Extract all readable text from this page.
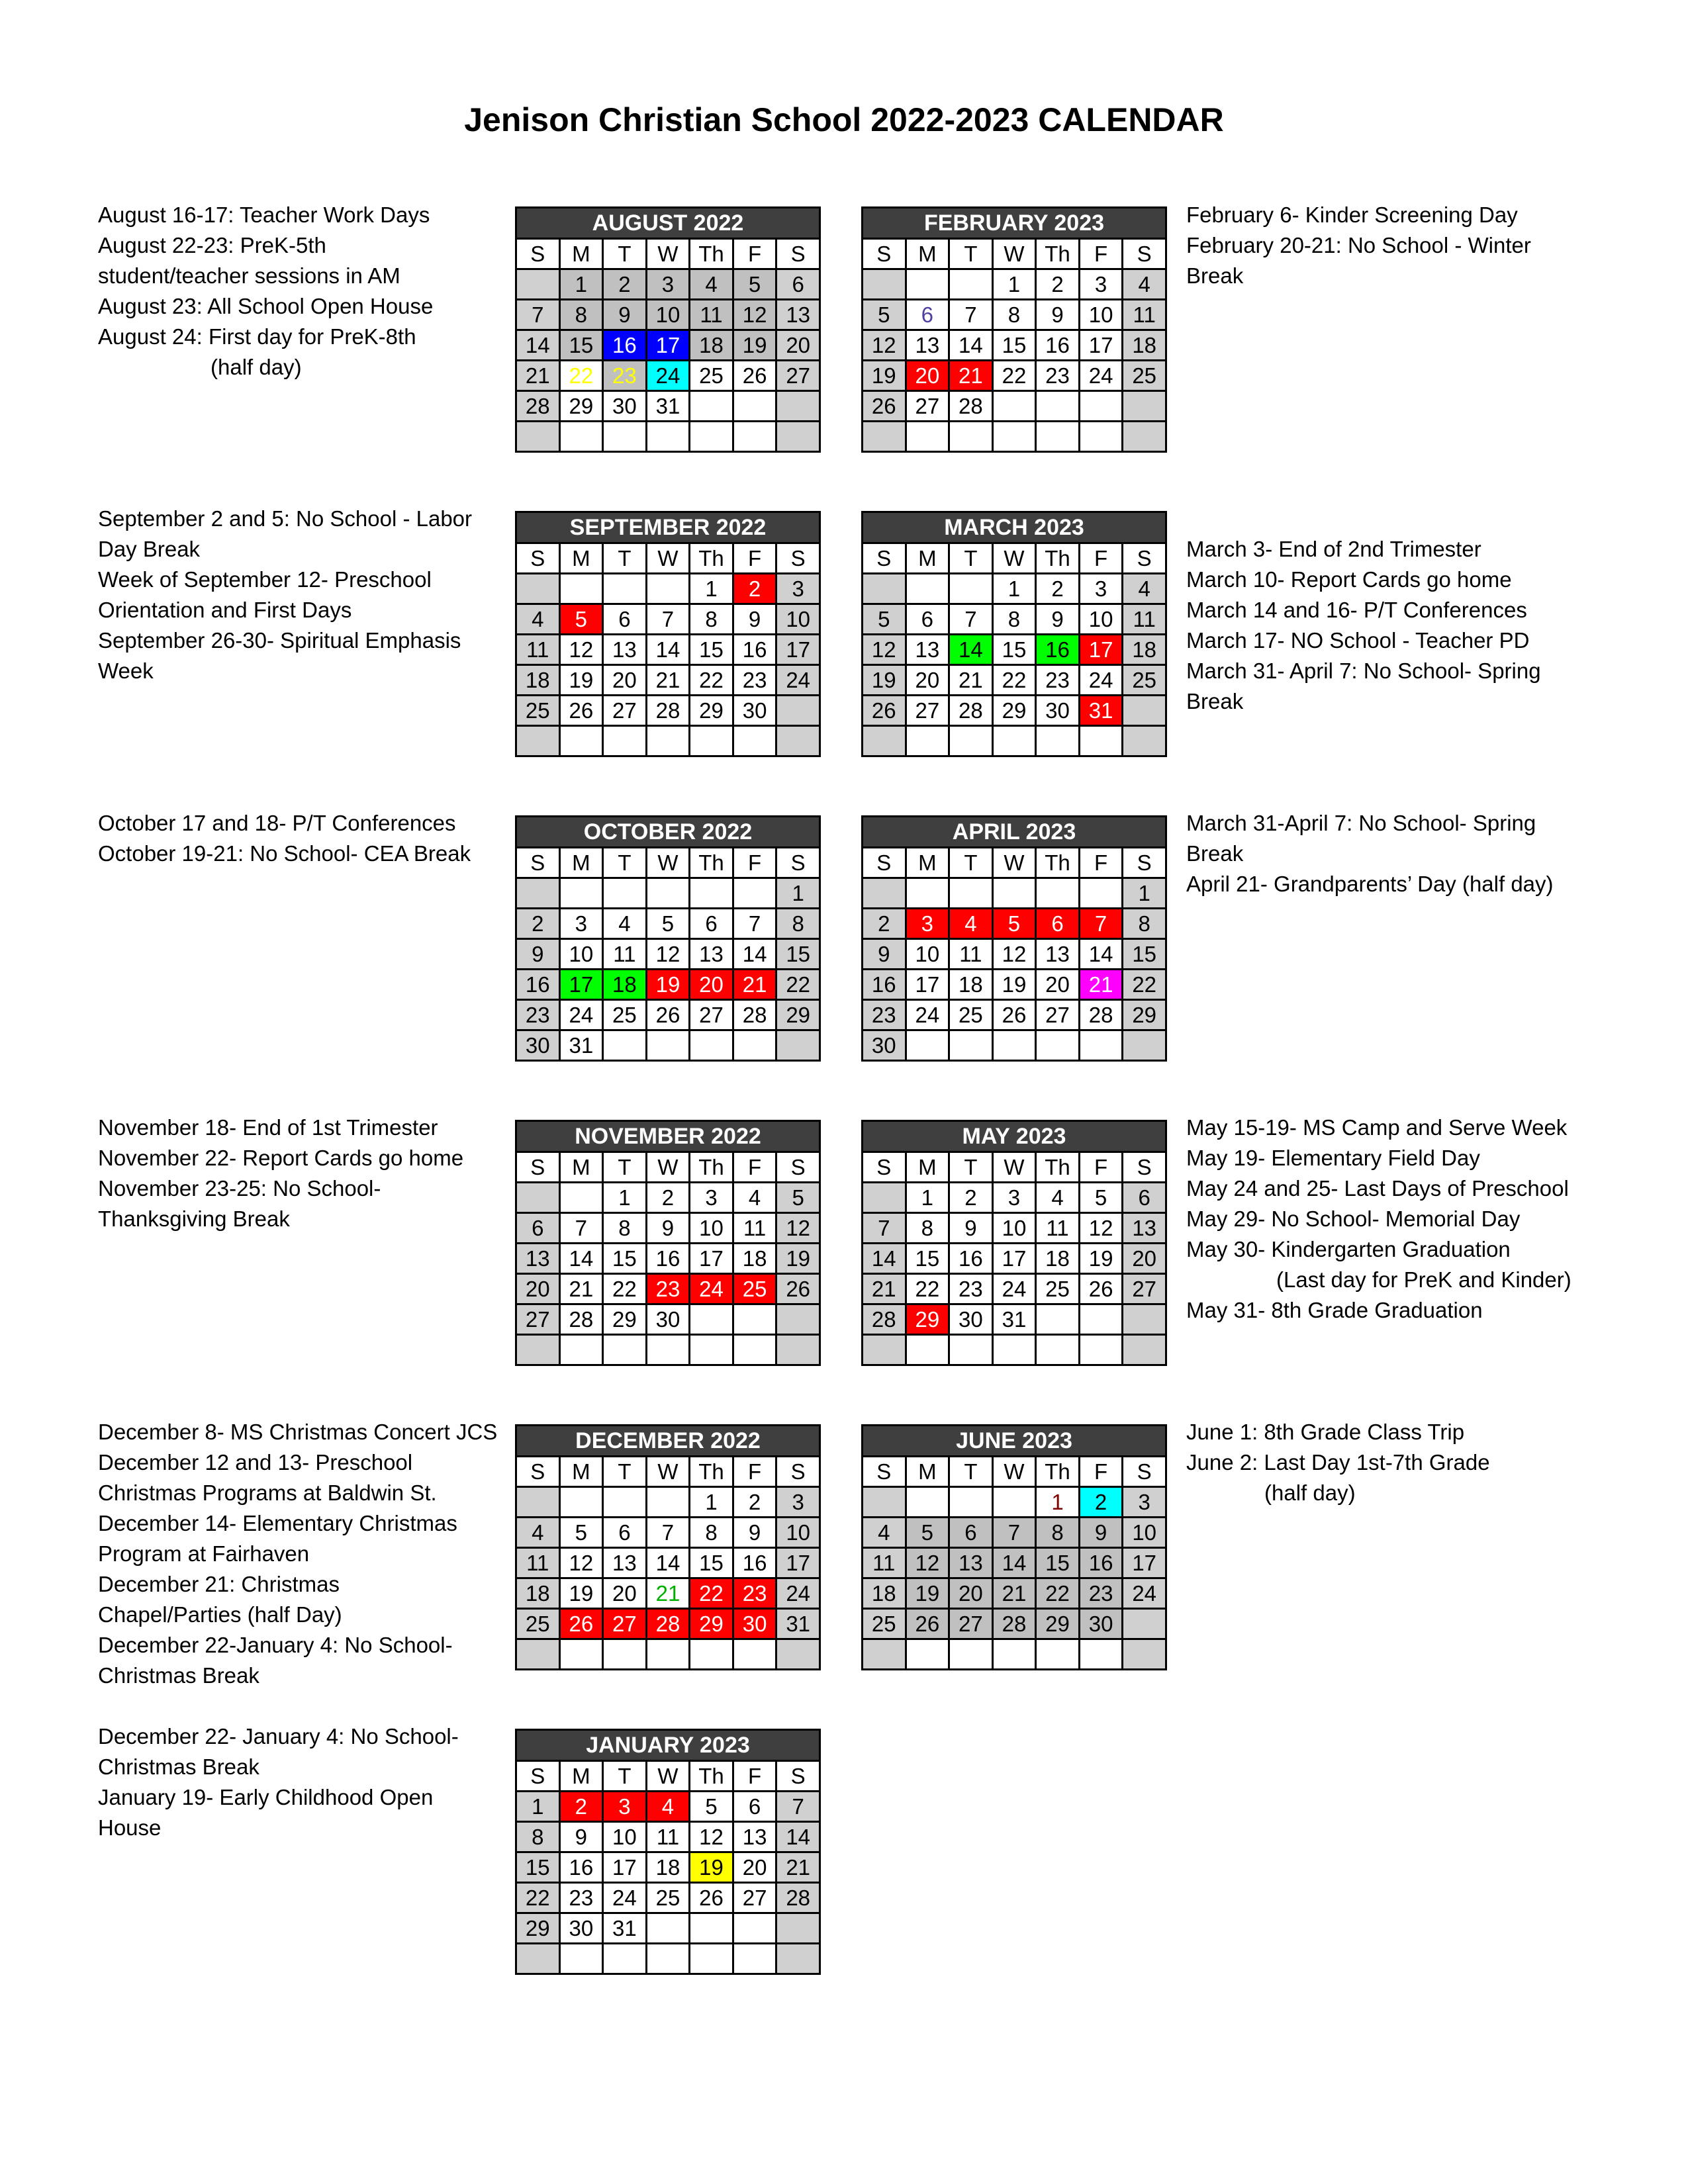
Jenison Christian School 2022-2023 CALENDAR
August 16-17: Teacher Work Days
August 22-23: PreK-5th
student/teacher sessions in AM
August 23: All School Open House
August 24: First day for PreK-8th
(half day)
September 2 and 5: No School - Labor
Day Break
Week of September 12- Preschool
Orientation and First Days
September 26-30- Spiritual Emphasis
Week
October 17 and 18- P/T Conferences
October 19-21: No School- CEA Break
November 18- End of 1st Trimester
November 22- Report Cards go home
November 23-25: No School-
Thanksgiving Break
December 8- MS Christmas Concert JCS
December 12 and 13- Preschool
Christmas Programs at Baldwin St.
December 14- Elementary Christmas
Program at Fairhaven
December 21: Christmas
Chapel/Parties (half Day)
December 22-January 4: No School-
Christmas Break
December 22- January 4: No School-
Christmas Break
January 19- Early Childhood Open
House
February 6- Kinder Screening Day
February 20-21: No School - Winter
Break
March 3- End of 2nd Trimester
March 10- Report Cards go home
March 14 and 16- P/T Conferences
March 17- NO School - Teacher PD
March 31- April 7: No School- Spring
Break
March 31-April 7: No School- Spring
Break
April 21- Grandparents’ Day (half day)
May 15-19- MS Camp and Serve Week
May 19- Elementary Field Day
May 24 and 25- Last Days of Preschool
May 29- No School- Memorial Day
May 30- Kindergarten Graduation
(Last day for PreK and Kinder)
May 31- 8th Grade Graduation
June 1: 8th Grade Class Trip
June 2: Last Day 1st-7th Grade
(half day)
AUGUST 2022						
S	M	T	W	Th	F	S
	1	2	3	4	5	6
7	8	9	10	11	12	13
14	15	16	17	18	19	20
21	22	23	24	25	26	27
28	29	30	31			

SEPTEMBER 2022						
S	M	T	W	Th	F	S
				1	2	3
4	5	6	7	8	9	10
11	12	13	14	15	16	17
18	19	20	21	22	23	24
25	26	27	28	29	30	

OCTOBER 2022						
S	M	T	W	Th	F	S
						1
2	3	4	5	6	7	8
9	10	11	12	13	14	15
16	17	18	19	20	21	22
23	24	25	26	27	28	29
30	31					
NOVEMBER 2022						
S	M	T	W	Th	F	S
		1	2	3	4	5
6	7	8	9	10	11	12
13	14	15	16	17	18	19
20	21	22	23	24	25	26
27	28	29	30			

DECEMBER 2022						
S	M	T	W	Th	F	S
				1	2	3
4	5	6	7	8	9	10
11	12	13	14	15	16	17
18	19	20	21	22	23	24
25	26	27	28	29	30	31

JANUARY 2023						
S	M	T	W	Th	F	S
1	2	3	4	5	6	7
8	9	10	11	12	13	14
15	16	17	18	19	20	21
22	23	24	25	26	27	28
29	30	31				

FEBRUARY 2023						
S	M	T	W	Th	F	S
			1	2	3	4
5	6	7	8	9	10	11
12	13	14	15	16	17	18
19	20	21	22	23	24	25
26	27	28				

MARCH 2023						
S	M	T	W	Th	F	S
			1	2	3	4
5	6	7	8	9	10	11
12	13	14	15	16	17	18
19	20	21	22	23	24	25
26	27	28	29	30	31	

APRIL 2023						
S	M	T	W	Th	F	S
						1
2	3	4	5	6	7	8
9	10	11	12	13	14	15
16	17	18	19	20	21	22
23	24	25	26	27	28	29
30						
MAY 2023						
S	M	T	W	Th	F	S
	1	2	3	4	5	6
7	8	9	10	11	12	13
14	15	16	17	18	19	20
21	22	23	24	25	26	27
28	29	30	31			

JUNE 2023						
S	M	T	W	Th	F	S
				1	2	3
4	5	6	7	8	9	10
11	12	13	14	15	16	17
18	19	20	21	22	23	24
25	26	27	28	29	30	
